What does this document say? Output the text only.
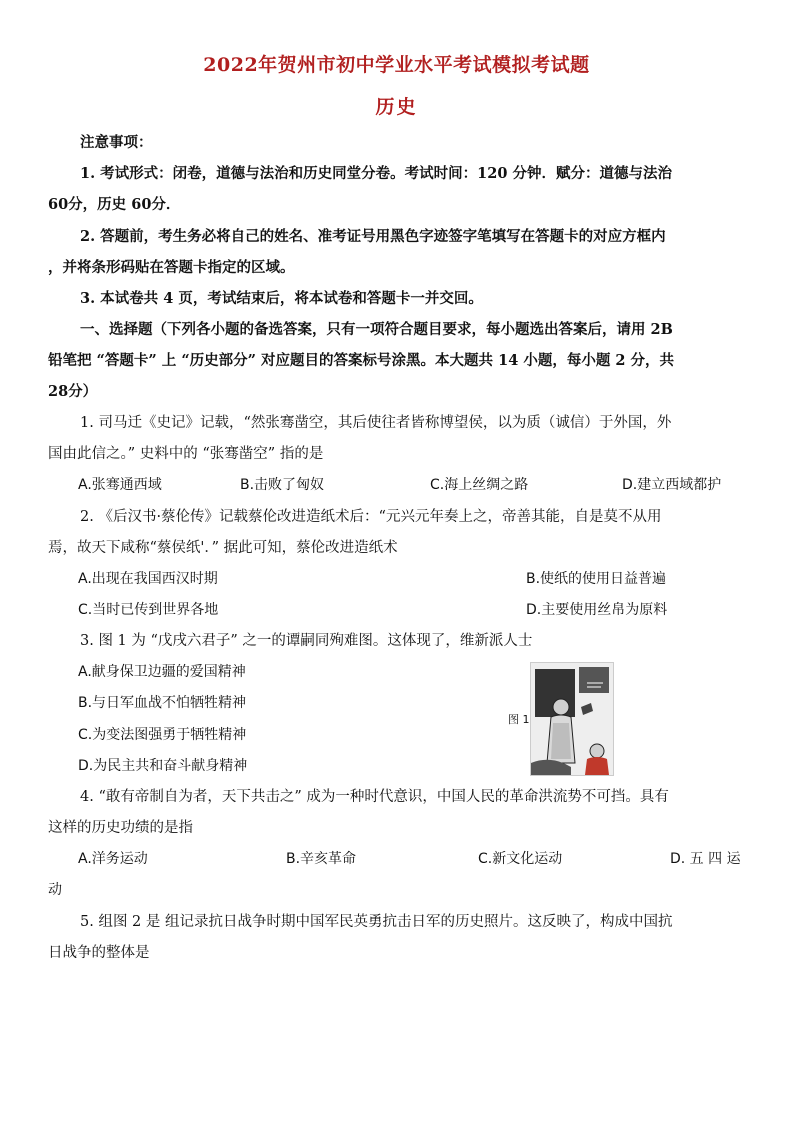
2022年贺州市初中学业水平考试模拟考试题
历史
注意事项：
1. 考试形式：闭卷，道德与法治和历史同堂分卷。考试时间：120 分钟．赋分：道德与法治
60分，历史 60分．
2. 答题前，考生务必将自己的姓名、准考证号用黑色字迹签字笔填写在答题卡的对应方框内
，并将条形码贴在答题卡指定的区域。
3. 本试卷共 4 页，考试结束后，将本试卷和答题卡一并交回。
一、选择题（下列各小题的备选答案，只有一项符合题目要求，每小题选出答案后，请用 2B
铅笔把 “答题卡” 上 “历史部分” 对应题目的答案标号涂黑。本大题共 14 小题，每小题 2 分，共
28分）
1. 司马迁《史记》记载，“然张骞凿空，其后使往者皆称博望侯，以为质（诚信）于外国，外
国由此信之。” 史料中的 “张骞凿空” 指的是
A.张骞通西域	B.击败了匈奴	C.海上丝绸之路	D.建立西域都护
2. 《后汉书·蔡伦传》记载蔡伦改进造纸术后：“元兴元年奏上之，帝善其能，自是莫不从用
焉，故天下咸称“蔡侯纸'．” 据此可知，蔡伦改进造纸术
A.出现在我国西汉时期	B.使纸的使用日益普遍
C.当时已传到世界各地	D.主要使用丝帛为原料
3. 图 1 为 “戊戌六君子” 之一的谭嗣同殉难图。这体现了，维新派人士
A.献身保卫边疆的爱国精神
B.与日军血战不怕牺牲精神
C.为变法图强勇于牺牲精神
D.为民主共和奋斗献身精神
图 1
4. “敢有帝制自为者，天下共击之” 成为一种时代意识，中国人民的革命洪流势不可挡。具有
这样的历史功绩的是指
A.洋务运动	B.辛亥革命	C.新文化运动	D. 五 四 运
动
5. 组图 2 是 组记录抗日战争时期中国军民英勇抗击日军的历史照片。这反映了，构成中国抗
日战争的整体是
